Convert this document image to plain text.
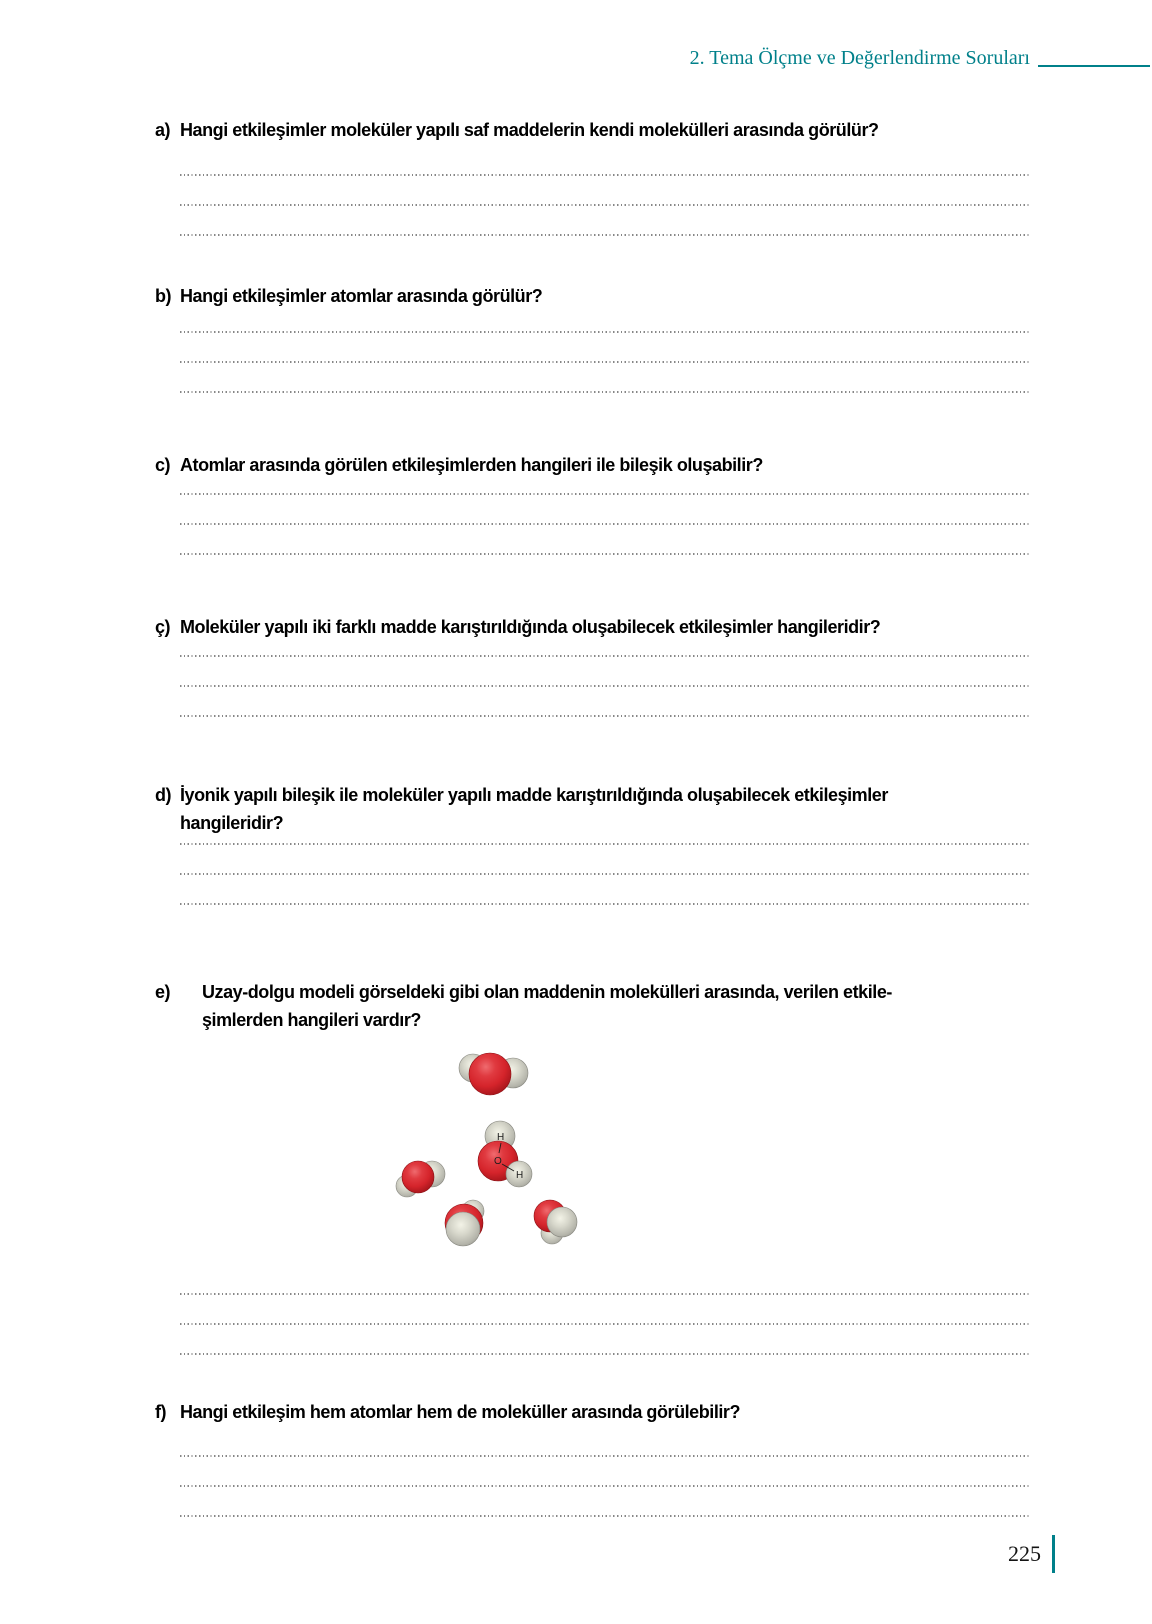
2. Tema Ölçme ve Değerlendirme Soruları
a) Hangi etkileşimler moleküler yapılı saf maddelerin kendi molekülleri arasında görülür?
b) Hangi etkileşimler atomlar arasında görülür?
c) Atomlar arasında görülen etkileşimlerden hangileri ile bileşik oluşabilir?
ç) Moleküler yapılı iki farklı madde karıştırıldığında oluşabilecek etkileşimler hangileridir?
d) İyonik yapılı bileşik ile moleküler yapılı madde karıştırıldığında oluşabilecek etkileşimler
hangileridir?
e)	Uzay-dolgu modeli görseldeki gibi olan maddenin molekülleri arasında, verilen etkile-
şimlerden hangileri vardır?
H
O
H
f) Hangi etkileşim hem atomlar hem de moleküller arasında görülebilir?
225
